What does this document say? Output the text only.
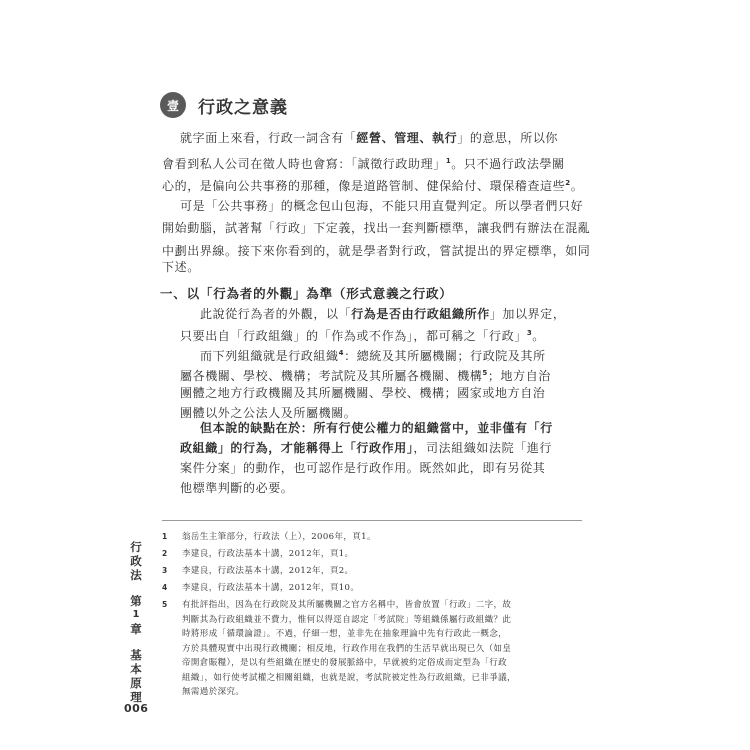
壹	行政之意義
就字面上來看，行政一詞含有「經營、管理、執行」的意思，所以你
會看到私人公司在徵人時也會寫：「誠徵行政助理」$^1$。只不過行政法學關
心的，是偏向公共事務的那種，像是道路管制、健保給付、環保稽查這些$^2$。
可是「公共事務」的概念包山包海，不能只用直覺判定。所以學者們只好
開始動腦，試著幫「行政」下定義，找出一套判斷標準，讓我們有辦法在混亂
中劃出界線。接下來你看到的，就是學者對行政，嘗試提出的界定標準，如同
下述。
一、以「行為者的外觀」為準（形式意義之行政）
此說從行為者的外觀，以「行為是否由行政組織所作」加以界定，
只要出自「行政組織」的「作為或不作為」，都可稱之「行政」$^3$。
而下列組織就是行政組織$^4$：總統及其所屬機關；行政院及其所
屬各機關、學校、機構；考試院及其所屬各機關、機構$^5$；地方自治
團體之地方行政機關及其所屬機關、學校、機構；國家或地方自治
團體以外之公法人及所屬機關。
但本說的缺點在於：所有行使公權力的組織當中，並非僅有「行
政組織」的行為，才能稱得上「行政作用」，司法組織如法院「進行
案件分案」的動作，也可認作是行政作用。既然如此，即有另從其
他標準判斷的必要。
1 翁岳生主筆部分，行政法（上），2006年，頁1。
2 李建良，行政法基本十講，2012年，頁1。
3 李建良，行政法基本十講，2012年，頁2。
4 李建良，行政法基本十講，2012年，頁10。
5 有批評指出，因為在行政院及其所屬機關之官方名稱中，皆會放置「行政」二字，故
判斷其為行政組織並不費力，惟何以得逕自認定「考試院」等組織係屬行政組織？此
時將形成「循環論證」。不過，仔細一想，並非先在抽象理論中先有行政此一概念，
方於具體現實中出現行政機關；相反地，行政作用在我們的生活早就出現已久（如皇
帝開倉賑糧），是以有些組織在歷史的發展脈絡中，早就被約定俗成而定型為「行政
組織」，如行使考試權之相關組織，也就是說，考試院被定性為行政組織，已非爭議，
無需過於深究。
行
政
法
第
1
章
基
本
原
理
006
